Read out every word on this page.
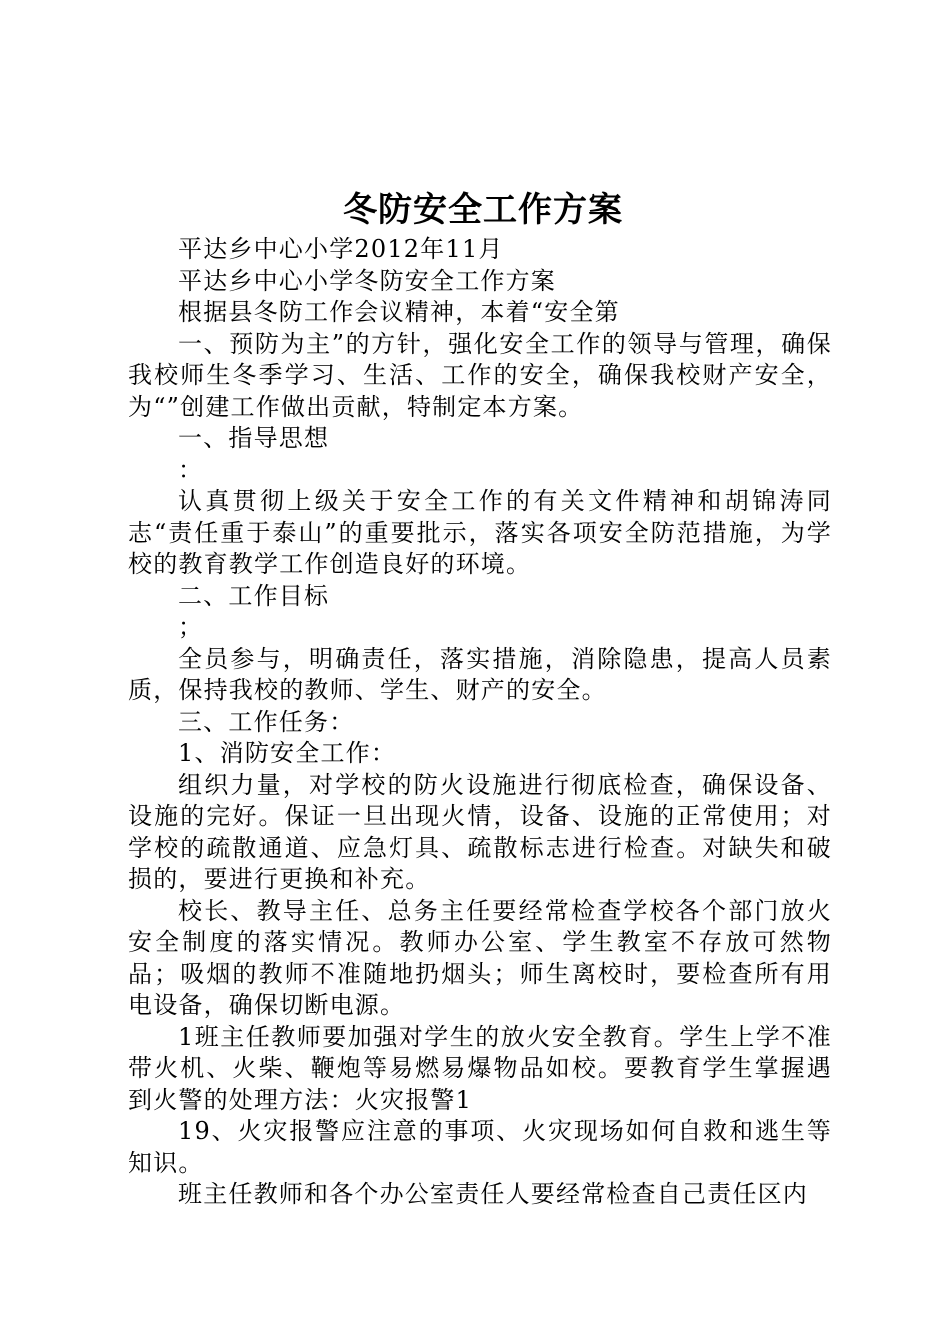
冬防安全工作方案

平达乡中心小学2012年11月

平达乡中心小学冬防安全工作方案

根据县冬防工作会议精神，本着“安全第

一、预防为主”的方针，强化安全工作的领导与管理，确保我校师生冬季学习、生活、工作的安全，确保我校财产安全，为“”创建工作做出贡献，特制定本方案。

一、指导思想

：

认真贯彻上级关于安全工作的有关文件精神和胡锦涛同志“责任重于泰山”的重要批示，落实各项安全防范措施，为学校的教育教学工作创造良好的环境。

二、工作目标

；

全员参与，明确责任，落实措施，消除隐患，提高人员素质，保持我校的教师、学生、财产的安全。

三、工作任务：

1、消防安全工作：

组织力量，对学校的防火设施进行彻底检查，确保设备、设施的完好。保证一旦出现火情，设备、设施的正常使用；对学校的疏散通道、应急灯具、疏散标志进行检查。对缺失和破损的，要进行更换和补充。

校长、教导主任、总务主任要经常检查学校各个部门放火安全制度的落实情况。教师办公室、学生教室不存放可然物品；吸烟的教师不准随地扔烟头；师生离校时，要检查所有用电设备，确保切断电源。

1班主任教师要加强对学生的放火安全教育。学生上学不准带火机、火柴、鞭炮等易燃易爆物品如校。要教育学生掌握遇到火警的处理方法：火灾报警1

19、火灾报警应注意的事项、火灾现场如何自救和逃生等知识。

班主任教师和各个办公室责任人要经常检查自己责任区内
